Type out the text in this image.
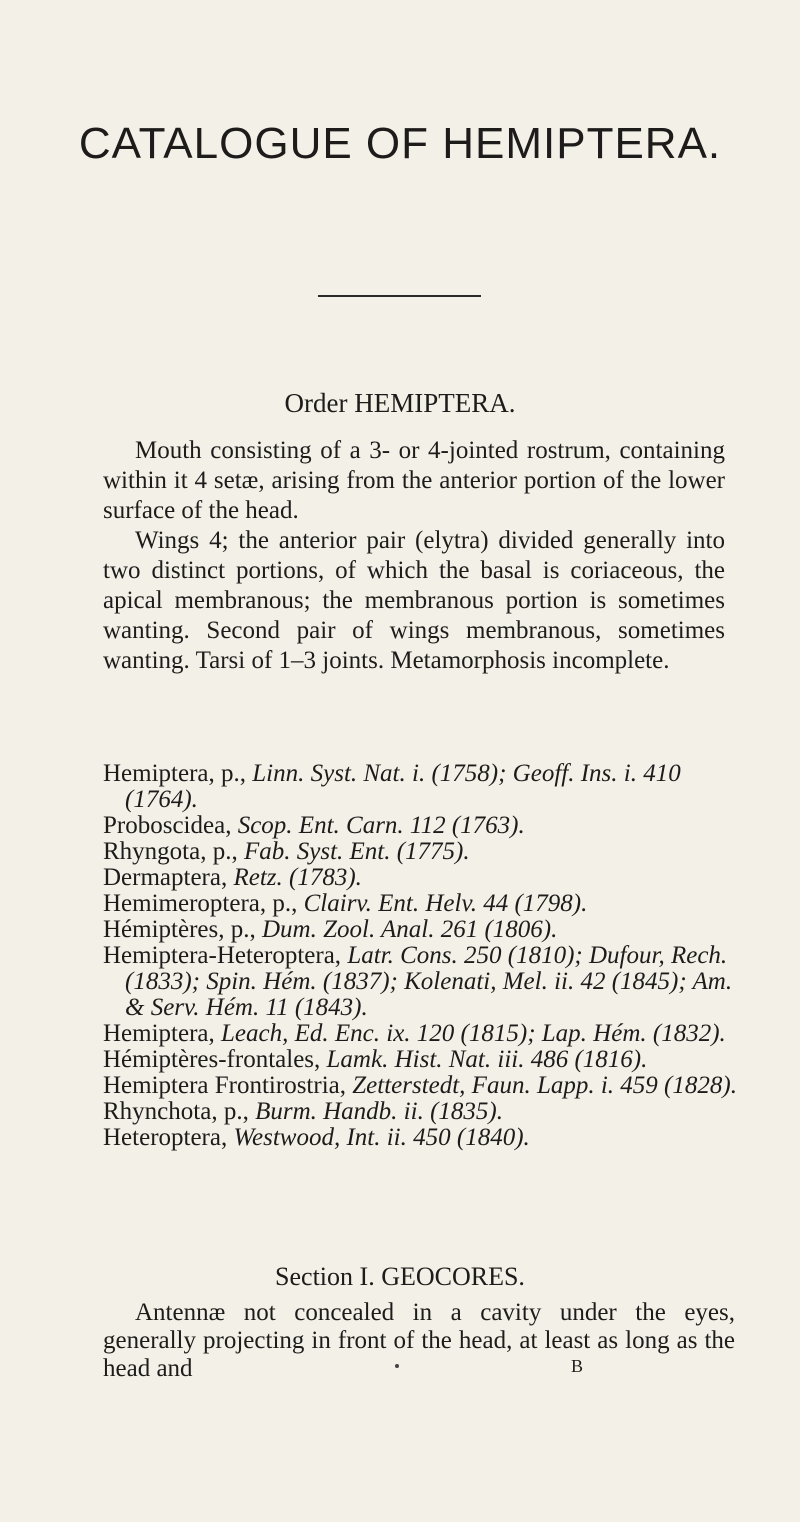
CATALOGUE OF HEMIPTERA.
Order HEMIPTERA.

Mouth consisting of a 3- or 4-jointed rostrum, containing within it 4 setæ, arising from the anterior portion of the lower surface of the head.

Wings 4; the anterior pair (elytra) divided generally into two distinct portions, of which the basal is coriaceous, the apical membranous; the membranous portion is sometimes wanting. Second pair of wings membranous, sometimes wanting. Tarsi of 1–3 joints. Metamorphosis incomplete.

Hemiptera, p., Linn. Syst. Nat. i. (1758); Geoff. Ins. i. 410 (1764).

Proboscidea, Scop. Ent. Carn. 112 (1763).

Rhyngota, p., Fab. Syst. Ent. (1775).

Dermaptera, Retz. (1783).

Hemimeroptera, p., Clairv. Ent. Helv. 44 (1798).

Hémiptères, p., Dum. Zool. Anal. 261 (1806).

Hemiptera-Heteroptera, Latr. Cons. 250 (1810); Dufour, Rech. (1833); Spin. Hém. (1837); Kolenati, Mel. ii. 42 (1845); Am. & Serv. Hém. 11 (1843).

Hemiptera, Leach, Ed. Enc. ix. 120 (1815); Lap. Hém. (1832).

Hémiptères-frontales, Lamk. Hist. Nat. iii. 486 (1816).

Hemiptera Frontirostria, Zetterstedt, Faun. Lapp. i. 459 (1828).

Rhynchota, p., Burm. Handb. ii. (1835).

Heteroptera, Westwood, Int. ii. 450 (1840).

Section I. GEOCORES.

Antennæ not concealed in a cavity under the eyes, generally projecting in front of the head, at least as long as the head and	B
